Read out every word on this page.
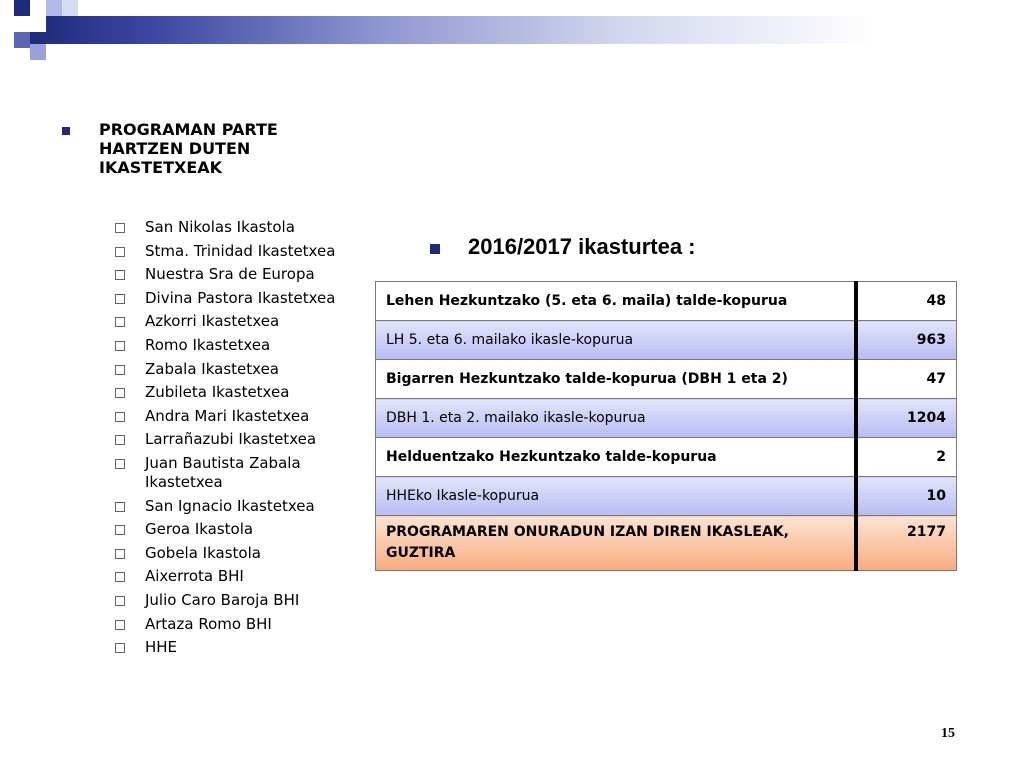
PROGRAMAN PARTE HARTZEN DUTEN IKASTETXEAK
San Nikolas Ikastola
Stma. Trinidad Ikastetxea
Nuestra Sra de Europa
Divina Pastora Ikastetxea
Azkorri Ikastetxea
Romo Ikastetxea
Zabala Ikastetxea
Zubileta Ikastetxea
Andra Mari Ikastetxea
Larrañazubi Ikastetxea
Juan Bautista Zabala Ikastetxea
San Ignacio Ikastetxea
Geroa Ikastola
Gobela Ikastola
Aixerrota BHI
Julio Caro Baroja BHI
Artaza Romo BHI
HHE
2016/2017 ikasturtea :
Lehen Hezkuntzako (5. eta 6. maila) talde-kopurua	48
LH 5. eta 6. mailako ikasle-kopurua	963
Bigarren Hezkuntzako talde-kopurua (DBH 1 eta 2)	47
DBH 1. eta 2. mailako ikasle-kopurua	1204
Helduentzako Hezkuntzako talde-kopurua	2
HHEko Ikasle-kopurua	10
PROGRAMAREN ONURADUN IZAN DIREN IKASLEAK, GUZTIRA	2177
15
